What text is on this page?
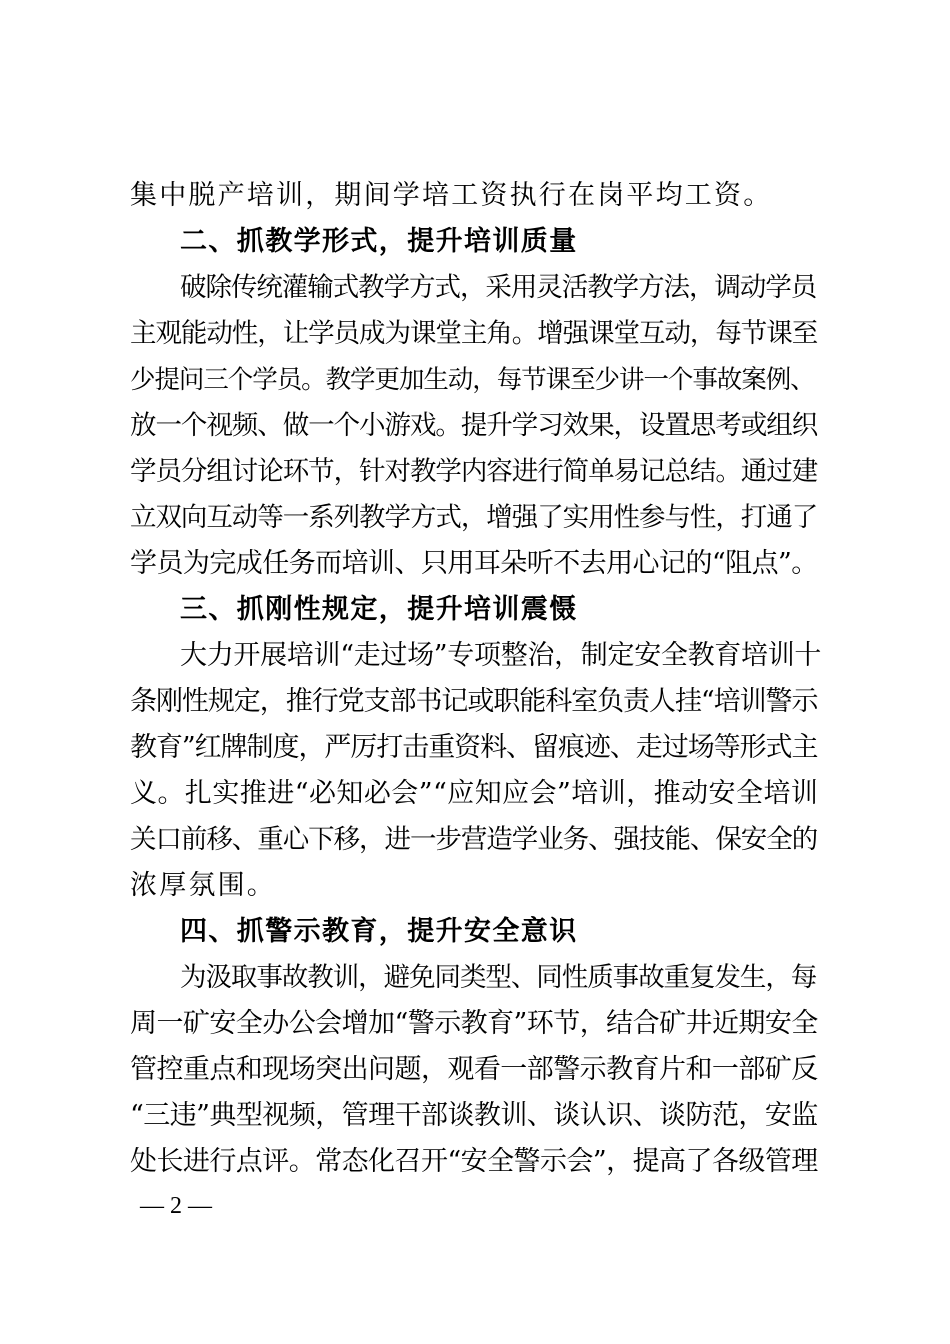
集中脱产培训，期间学培工资执行在岗平均工资。
二、抓教学形式，提升培训质量
破除传统灌输式教学方式，采用灵活教学方法，调动学员
主观能动性，让学员成为课堂主角。增强课堂互动，每节课至
少提问三个学员。教学更加生动，每节课至少讲一个事故案例、
放一个视频、做一个小游戏。提升学习效果，设置思考或组织
学员分组讨论环节，针对教学内容进行简单易记总结。通过建
立双向互动等一系列教学方式，增强了实用性参与性，打通了
学员为完成任务而培训、只用耳朵听不去用心记的“阻点”。
三、抓刚性规定，提升培训震慑
大力开展培训“走过场”专项整治，制定安全教育培训十
条刚性规定，推行党支部书记或职能科室负责人挂“培训警示
教育”红牌制度，严厉打击重资料、留痕迹、走过场等形式主
义。扎实推进“必知必会”“应知应会”培训，推动安全培训
关口前移、重心下移，进一步营造学业务、强技能、保安全的
浓厚氛围。
四、抓警示教育，提升安全意识
为汲取事故教训，避免同类型、同性质事故重复发生，每
周一矿安全办公会增加“警示教育”环节，结合矿井近期安全
管控重点和现场突出问题，观看一部警示教育片和一部矿反
“三违”典型视频，管理干部谈教训、谈认识、谈防范，安监
处长进行点评。常态化召开“安全警示会”，提高了各级管理
— 2 —
